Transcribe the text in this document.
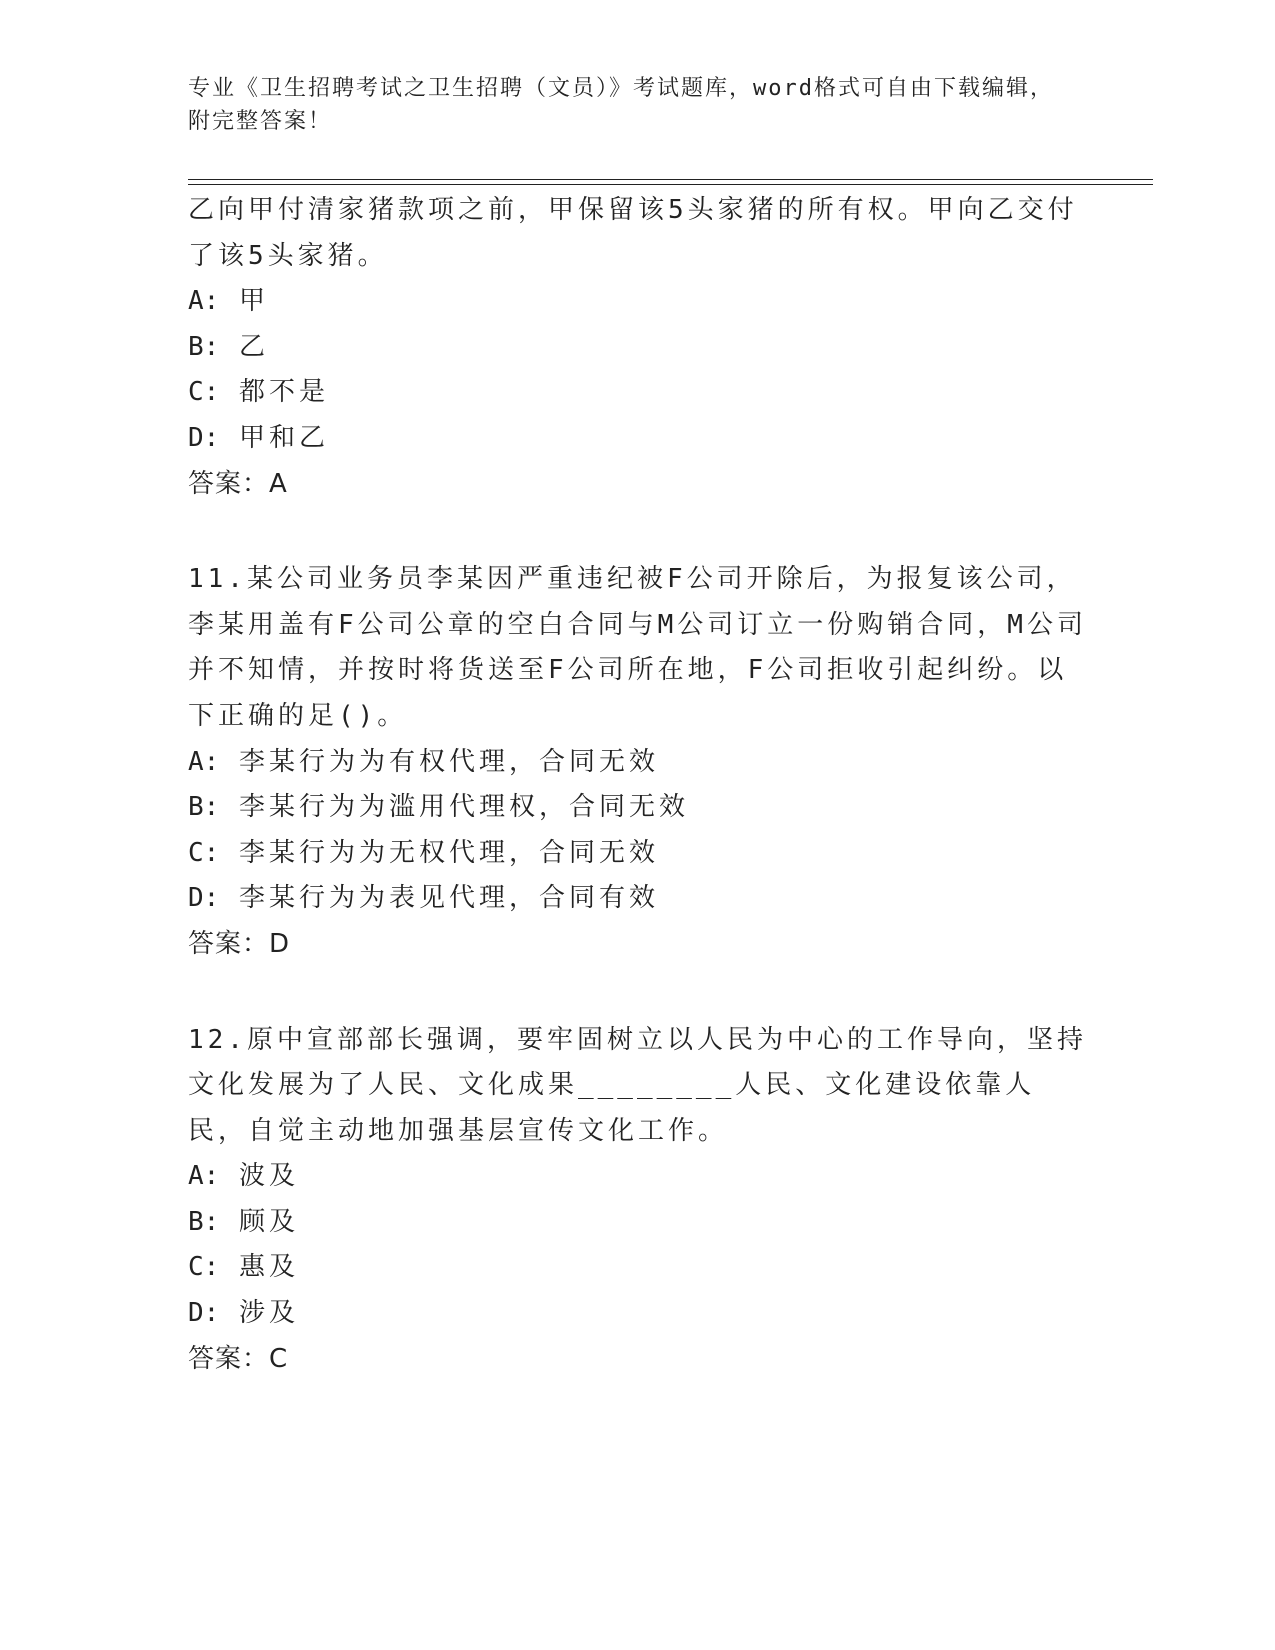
专业《卫生招聘考试之卫生招聘（文员）》考试题库，word格式可自由下载编辑，附完整答案！

乙向甲付清家猪款项之前，甲保留该5头家猪的所有权。甲向乙交付了该5头家猪。

A: 甲
B: 乙
C: 都不是
D: 甲和乙
答案：A

11.某公司业务员李某因严重违纪被F公司开除后，为报复该公司，李某用盖有F公司公章的空白合同与M公司订立一份购销合同，M公司并不知情，并按时将货送至F公司所在地，F公司拒收引起纠纷。以下正确的足()。

A: 李某行为为有权代理，合同无效
B: 李某行为为滥用代理权，合同无效
C: 李某行为为无权代理，合同无效
D: 李某行为为表见代理，合同有效
答案：D

12.原中宣部部长强调，要牢固树立以人民为中心的工作导向，坚持文化发展为了人民、文化成果________人民、文化建设依靠人民，自觉主动地加强基层宣传文化工作。

A: 波及
B: 顾及
C: 惠及
D: 涉及
答案：C
